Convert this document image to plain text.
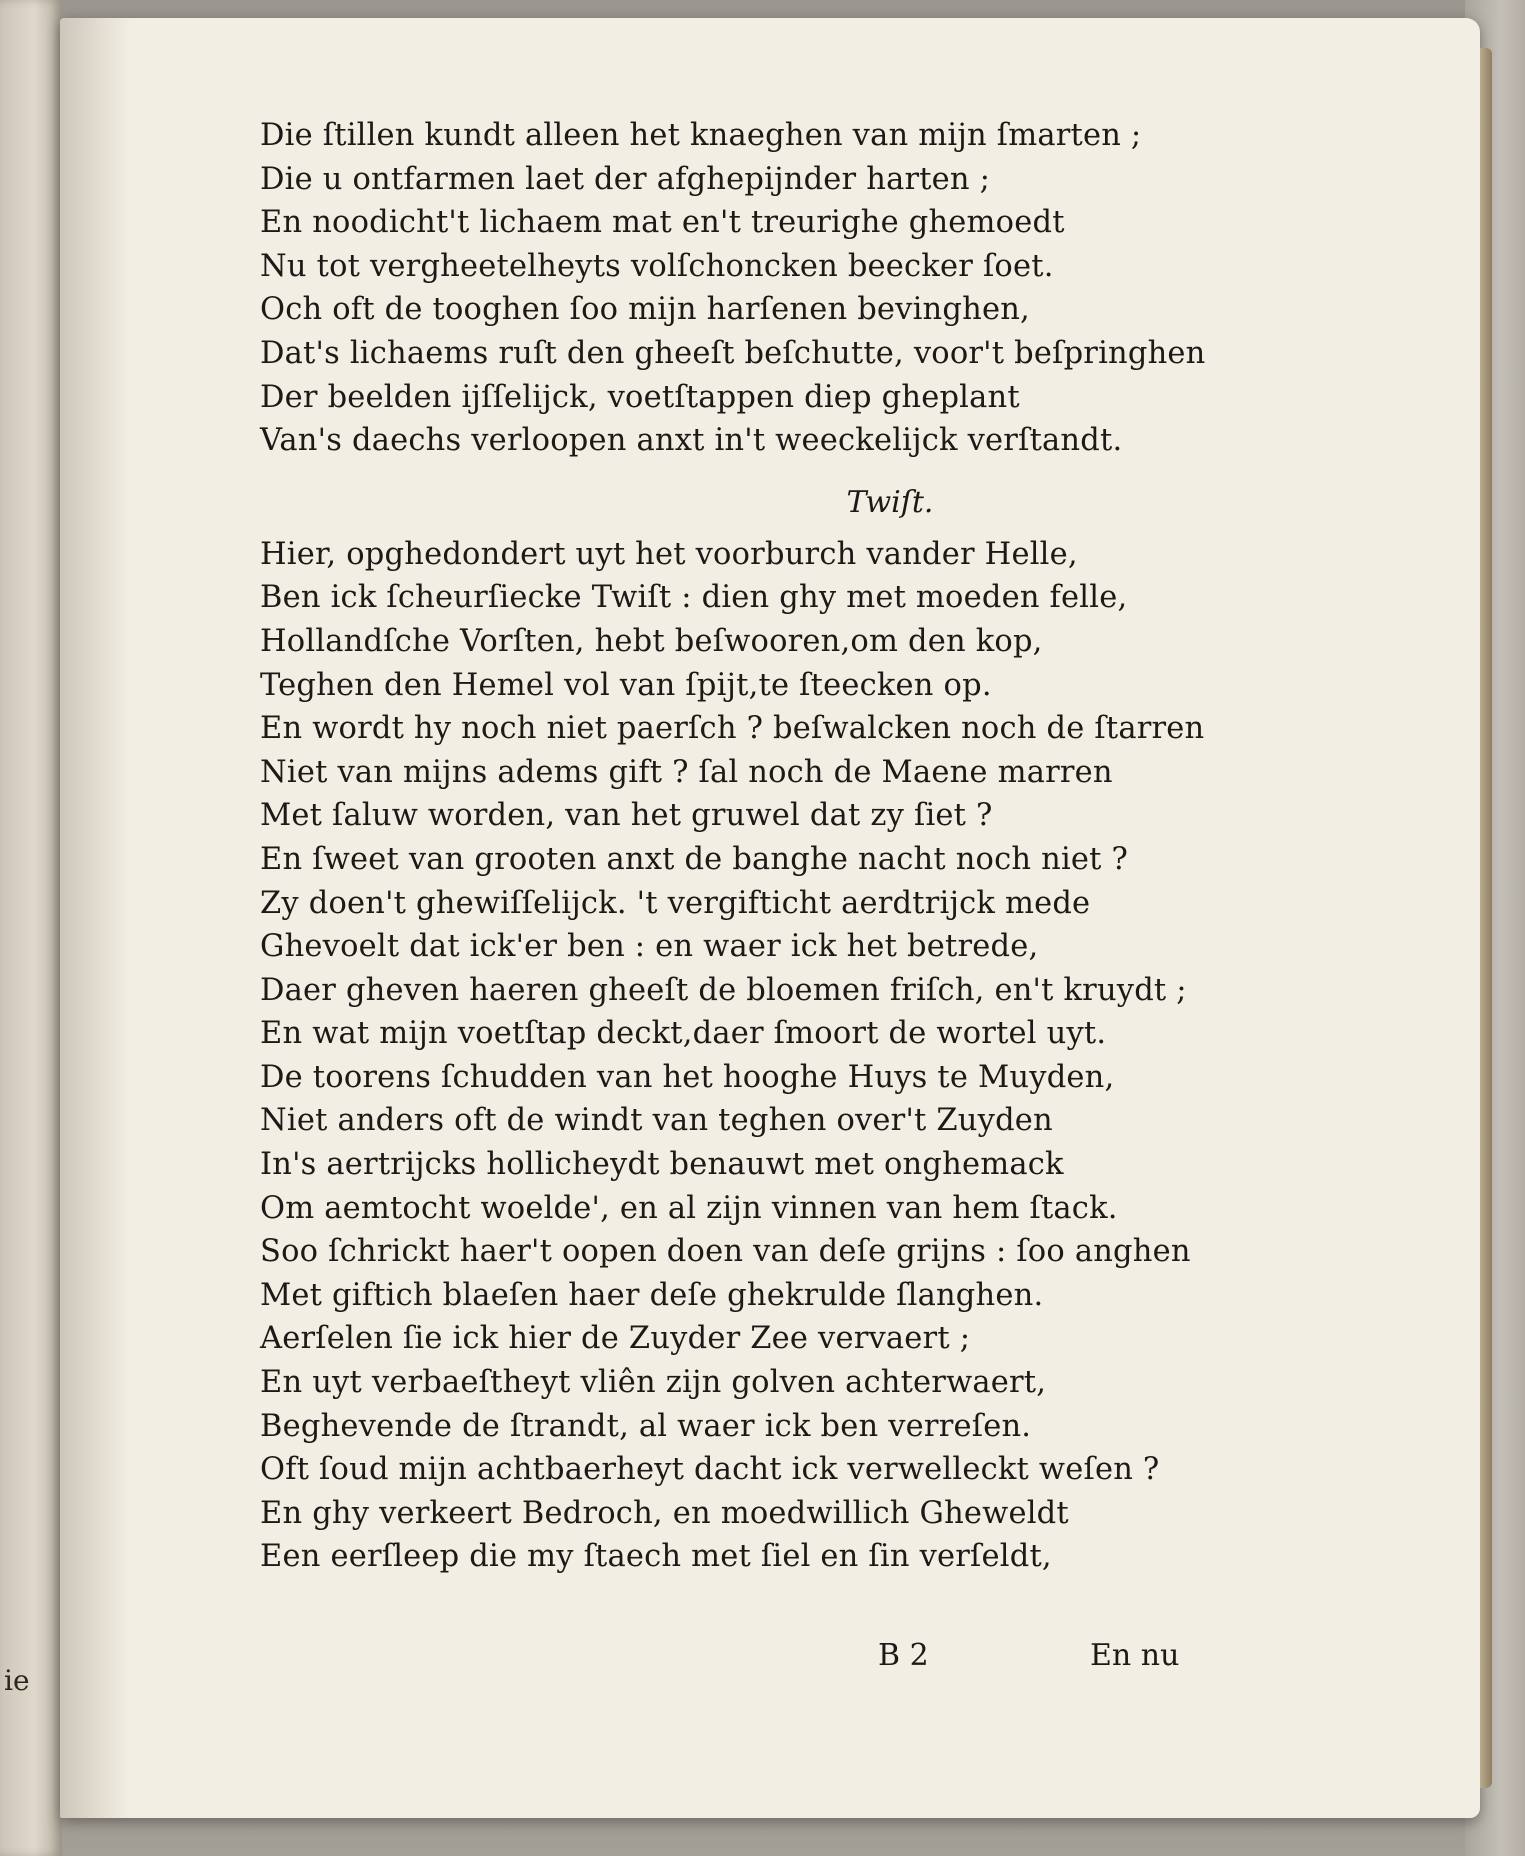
ie
Die ſtillen kundt alleen het knaeghen van mijn ſmarten ;
Die u ontfarmen laet der afghepijnder harten ;
En noodicht't lichaem mat en't treurighe ghemoedt
Nu tot vergheetelheyts volſchoncken beecker ſoet.
Och oft de tooghen ſoo mijn harſenen bevinghen,
Dat's lichaems ruſt den gheeſt beſchutte, voor't beſpringhen
Der beelden ijſſelijck, voetſtappen diep gheplant
Van's daechs verloopen anxt in't weeckelijck verſtandt.
Twiſt.
Hier, opghedondert uyt het voorburch vander Helle,
Ben ick ſcheurſiecke Twiſt : dien ghy met moeden felle,
Hollandſche Vorſten, hebt beſwooren,om den kop,
Teghen den Hemel vol van ſpijt,te ſteecken op.
En wordt hy noch niet paerſch ? beſwalcken noch de ſtarren
Niet van mijns adems gift ? ſal noch de Maene marren
Met ſaluw worden, van het gruwel dat zy ſiet ?
En ſweet van grooten anxt de banghe nacht noch niet ?
Zy doen't ghewiſſelijck. 't vergifticht aerdtrijck mede
Ghevoelt dat ick'er ben : en waer ick het betrede,
Daer gheven haeren gheeſt de bloemen friſch, en't kruydt ;
En wat mijn voetſtap deckt,daer ſmoort de wortel uyt.
De toorens ſchudden van het hooghe Huys te Muyden,
Niet anders oft de windt van teghen over't Zuyden
In's aertrijcks hollicheydt benauwt met onghemack
Om aemtocht woelde', en al zijn vinnen van hem ſtack.
Soo ſchrickt haer't oopen doen van deſe grijns : ſoo anghen
Met giftich blaeſen haer deſe ghekrulde ſlanghen.
Aerſelen ſie ick hier de Zuyder Zee vervaert ;
En uyt verbaeſtheyt vliên zijn golven achterwaert,
Beghevende de ſtrandt, al waer ick ben verreſen.
Oft ſoud mijn achtbaerheyt dacht ick verwelleckt weſen ?
En ghy verkeert Bedroch, en moedwillich Gheweldt
Een eerſleep die my ſtaech met ſiel en ſin verſeldt,
B 2	En nu
